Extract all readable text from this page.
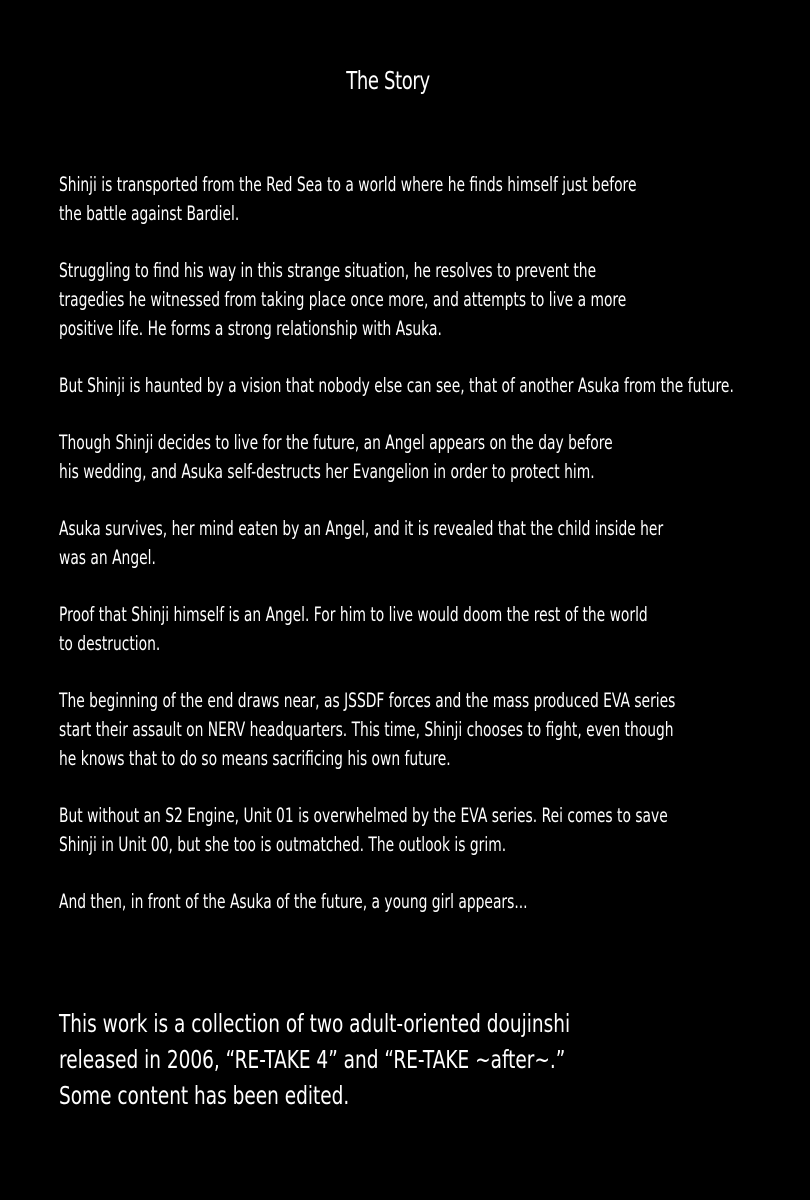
The Story

Shinji is transported from the Red Sea to a world where he finds himself just before
the battle against Bardiel.

Struggling to find his way in this strange situation, he resolves to prevent the
tragedies he witnessed from taking place once more, and attempts to live a more
positive life. He forms a strong relationship with Asuka.

But Shinji is haunted by a vision that nobody else can see, that of another Asuka from the future.

Though Shinji decides to live for the future, an Angel appears on the day before
his wedding, and Asuka self-destructs her Evangelion in order to protect him.

Asuka survives, her mind eaten by an Angel, and it is revealed that the child inside her
was an Angel.

Proof that Shinji himself is an Angel. For him to live would doom the rest of the world
to destruction.

The beginning of the end draws near, as JSSDF forces and the mass produced EVA series
start their assault on NERV headquarters. This time, Shinji chooses to fight, even though
he knows that to do so means sacrificing his own future.

But without an S2 Engine, Unit 01 is overwhelmed by the EVA series. Rei comes to save
Shinji in Unit 00, but she too is outmatched. The outlook is grim.

And then, in front of the Asuka of the future, a young girl appears...

This work is a collection of two adult-oriented doujinshi
released in 2006, “RE-TAKE 4” and “RE-TAKE ~after~.”
Some content has been edited.
